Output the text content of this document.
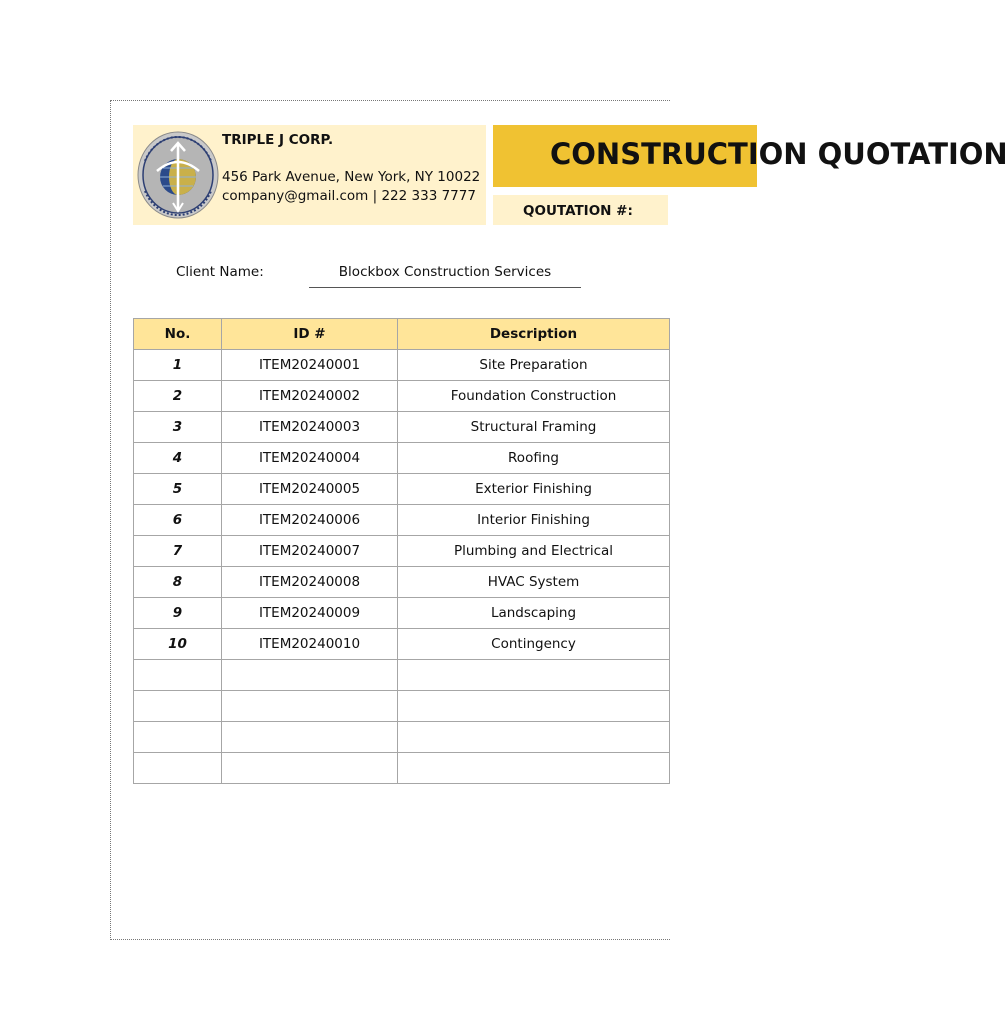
TRIPLE J CORP.
456 Park Avenue, New York, NY 10022
company@gmail.com | 222 333 7777
CONSTRUCTION QUOTATION
QOUTATION #:
Client Name:	Blockbox Construction Services
No.	ID #	Description
1	ITEM20240001	Site Preparation
2	ITEM20240002	Foundation Construction
3	ITEM20240003	Structural Framing
4	ITEM20240004	Roofing
5	ITEM20240005	Exterior Finishing
6	ITEM20240006	Interior Finishing
7	ITEM20240007	Plumbing and Electrical
8	ITEM20240008	HVAC System
9	ITEM20240009	Landscaping
10	ITEM20240010	Contingency
